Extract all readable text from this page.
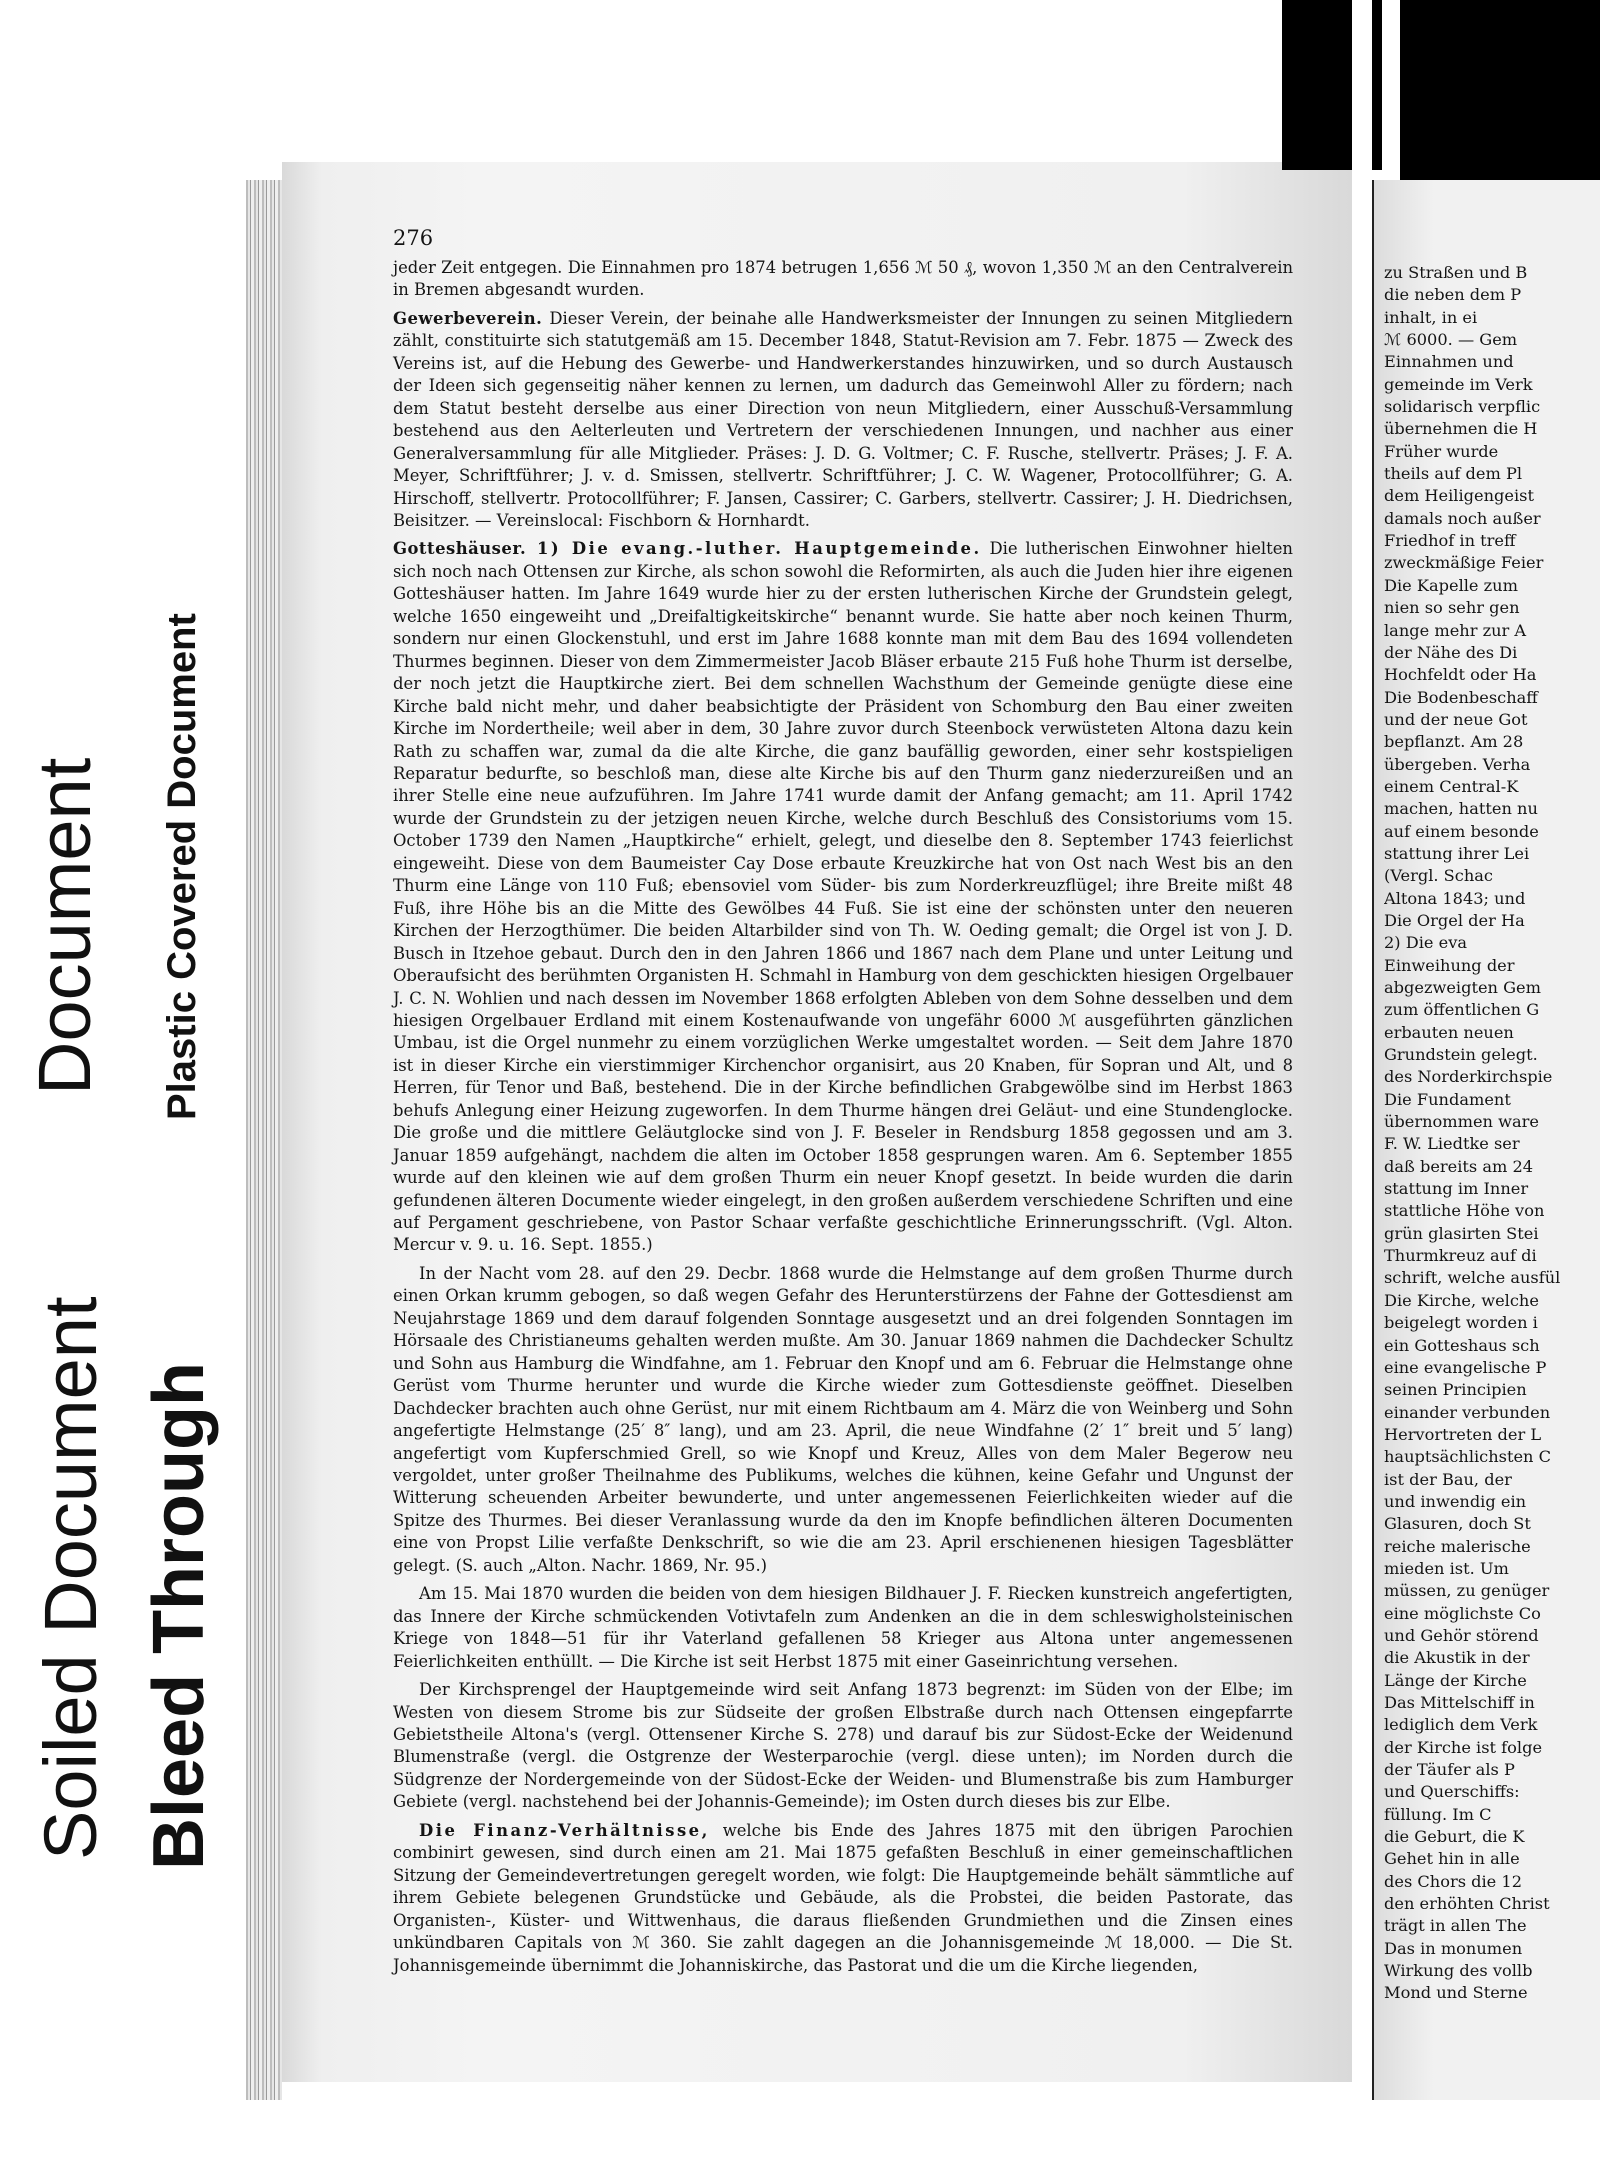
Document
Soiled Document
Plastic Covered Document
Bleed Through
276

jeder Zeit entgegen. Die Einnahmen pro 1874 betrugen 1,656 ℳ 50 ₰, wovon 1,350 ℳ an den Centralverein in Bremen abgesandt wurden.

Gewerbeverein. Dieser Verein, der beinahe alle Handwerksmeister der Innungen zu seinen Mitgliedern zählt, constituirte sich statutgemäß am 15. December 1848, Statut-Revision am 7. Febr. 1875 — Zweck des Vereins ist, auf die Hebung des Gewerbe- und Handwerkerstandes hinzuwirken, und so durch Austausch der Ideen sich gegenseitig näher kennen zu lernen, um dadurch das Gemeinwohl Aller zu fördern; nach dem Statut besteht derselbe aus einer Direction von neun Mitgliedern, einer Ausschuß-Versammlung bestehend aus den Aelterleuten und Vertretern der verschiedenen Innungen, und nachher aus einer Generalversammlung für alle Mitglieder. Präses: J. D. G. Voltmer; C. F. Rusche, stellvertr. Präses; J. F. A. Meyer, Schriftführer; J. v. d. Smissen, stellvertr. Schriftführer; J. C. W. Wagener, Protocollführer; G. A. Hirschoff, stellvertr. Protocollführer; F. Jansen, Cassirer; C. Garbers, stellvertr. Cassirer; J. H. Diedrichsen, Beisitzer. — Vereinslocal: Fischborn & Hornhardt.

Gotteshäuser. 1) Die evang.-luther. Hauptgemeinde. Die lutherischen Einwohner hielten sich noch nach Ottensen zur Kirche, als schon sowohl die Reformirten, als auch die Juden hier ihre eigenen Gotteshäuser hatten. Im Jahre 1649 wurde hier zu der ersten lutherischen Kirche der Grundstein gelegt, welche 1650 eingeweiht und „Dreifaltigkeitskirche“ benannt wurde. Sie hatte aber noch keinen Thurm, sondern nur einen Glockenstuhl, und erst im Jahre 1688 konnte man mit dem Bau des 1694 vollendeten Thurmes beginnen. Dieser von dem Zimmermeister Jacob Bläser erbaute 215 Fuß hohe Thurm ist derselbe, der noch jetzt die Hauptkirche ziert. Bei dem schnellen Wachsthum der Gemeinde genügte diese eine Kirche bald nicht mehr, und daher beabsichtigte der Präsident von Schomburg den Bau einer zweiten Kirche im Nordertheile; weil aber in dem, 30 Jahre zuvor durch Steenbock verwüsteten Altona dazu kein Rath zu schaffen war, zumal da die alte Kirche, die ganz baufällig geworden, einer sehr kostspieligen Reparatur bedurfte, so beschloß man, diese alte Kirche bis auf den Thurm ganz niederzureißen und an ihrer Stelle eine neue aufzuführen. Im Jahre 1741 wurde damit der Anfang gemacht; am 11. April 1742 wurde der Grundstein zu der jetzigen neuen Kirche, welche durch Beschluß des Consistoriums vom 15. October 1739 den Namen „Hauptkirche“ erhielt, gelegt, und dieselbe den 8. September 1743 feierlichst eingeweiht. Diese von dem Baumeister Cay Dose erbaute Kreuzkirche hat von Ost nach West bis an den Thurm eine Länge von 110 Fuß; ebensoviel vom Süder- bis zum Norderkreuzflügel; ihre Breite mißt 48 Fuß, ihre Höhe bis an die Mitte des Gewölbes 44 Fuß. Sie ist eine der schönsten unter den neueren Kirchen der Herzogthümer. Die beiden Altarbilder sind von Th. W. Oeding gemalt; die Orgel ist von J. D. Busch in Itzehoe gebaut. Durch den in den Jahren 1866 und 1867 nach dem Plane und unter Leitung und Oberaufsicht des berühmten Organisten H. Schmahl in Hamburg von dem geschickten hiesigen Orgelbauer J. C. N. Wohlien und nach dessen im November 1868 erfolgten Ableben von dem Sohne desselben und dem hiesigen Orgelbauer Erdland mit einem Kostenaufwande von ungefähr 6000 ℳ ausgeführten gänzlichen Umbau, ist die Orgel nunmehr zu einem vorzüglichen Werke umgestaltet worden. — Seit dem Jahre 1870 ist in dieser Kirche ein vierstimmiger Kirchenchor organisirt, aus 20 Knaben, für Sopran und Alt, und 8 Herren, für Tenor und Baß, bestehend. Die in der Kirche befindlichen Grabgewölbe sind im Herbst 1863 behufs Anlegung einer Heizung zugeworfen. In dem Thurme hängen drei Geläut- und eine Stundenglocke. Die große und die mittlere Geläutglocke sind von J. F. Beseler in Rendsburg 1858 gegossen und am 3. Januar 1859 aufgehängt, nachdem die alten im October 1858 gesprungen waren. Am 6. September 1855 wurde auf den kleinen wie auf dem großen Thurm ein neuer Knopf gesetzt. In beide wurden die darin gefundenen älteren Documente wieder eingelegt, in den großen außerdem verschiedene Schriften und eine auf Pergament geschriebene, von Pastor Schaar verfaßte geschichtliche Erinnerungsschrift. (Vgl. Alton. Mercur v. 9. u. 16. Sept. 1855.)

In der Nacht vom 28. auf den 29. Decbr. 1868 wurde die Helmstange auf dem großen Thurme durch einen Orkan krumm gebogen, so daß wegen Gefahr des Herunterstürzens der Fahne der Gottesdienst am Neujahrstage 1869 und dem darauf folgenden Sonntage ausgesetzt und an drei folgenden Sonntagen im Hörsaale des Christianeums gehalten werden mußte. Am 30. Januar 1869 nahmen die Dachdecker Schultz und Sohn aus Hamburg die Windfahne, am 1. Februar den Knopf und am 6. Februar die Helmstange ohne Gerüst vom Thurme herunter und wurde die Kirche wieder zum Gottesdienste geöffnet. Dieselben Dachdecker brachten auch ohne Gerüst, nur mit einem Richtbaum am 4. März die von Weinberg und Sohn angefertigte Helmstange (25′ 8″ lang), und am 23. April, die neue Windfahne (2′ 1″ breit und 5′ lang) angefertigt vom Kupferschmied Grell, so wie Knopf und Kreuz, Alles von dem Maler Begerow neu vergoldet, unter großer Theilnahme des Publikums, welches die kühnen, keine Gefahr und Ungunst der Witterung scheuenden Arbeiter bewunderte, und unter angemessenen Feierlichkeiten wieder auf die Spitze des Thurmes. Bei dieser Veranlassung wurde da den im Knopfe befindlichen älteren Documenten eine von Propst Lilie verfaßte Denkschrift, so wie die am 23. April erschienenen hiesigen Tagesblätter gelegt. (S. auch „Alton. Nachr. 1869, Nr. 95.)

Am 15. Mai 1870 wurden die beiden von dem hiesigen Bildhauer J. F. Riecken kunstreich angefertigten, das Innere der Kirche schmückenden Votivtafeln zum Andenken an die in dem schleswigholsteinischen Kriege von 1848—51 für ihr Vaterland gefallenen 58 Krieger aus Altona unter angemessenen Feierlichkeiten enthüllt. — Die Kirche ist seit Herbst 1875 mit einer Gaseinrichtung versehen.

Der Kirchsprengel der Hauptgemeinde wird seit Anfang 1873 begrenzt: im Süden von der Elbe; im Westen von diesem Strome bis zur Südseite der großen Elbstraße durch nach Ottensen eingepfarrte Gebietstheile Altona's (vergl. Ottensener Kirche S. 278) und darauf bis zur Südost-Ecke der Weidenund Blumenstraße (vergl. die Ostgrenze der Westerparochie (vergl. diese unten); im Norden durch die Südgrenze der Nordergemeinde von der Südost-Ecke der Weiden- und Blumenstraße bis zum Hamburger Gebiete (vergl. nachstehend bei der Johannis-Gemeinde); im Osten durch dieses bis zur Elbe.

Die Finanz-Verhältnisse, welche bis Ende des Jahres 1875 mit den übrigen Parochien combinirt gewesen, sind durch einen am 21. Mai 1875 gefaßten Beschluß in einer gemeinschaftlichen Sitzung der Gemeindevertretungen geregelt worden, wie folgt: Die Hauptgemeinde behält sämmtliche auf ihrem Gebiete belegenen Grundstücke und Gebäude, als die Probstei, die beiden Pastorate, das Organisten-, Küster- und Wittwenhaus, die daraus fließenden Grundmiethen und die Zinsen eines unkündbaren Capitals von ℳ 360. Sie zahlt dagegen an die Johannisgemeinde ℳ 18,000. — Die St. Johannisgemeinde übernimmt die Johanniskirche, das Pastorat und die um die Kirche liegenden,

zu Straßen und B
die neben dem P
inhalt, in ei
ℳ 6000. — Gem
Einnahmen und
gemeinde im Verk
solidarisch verpflic
übernehmen die H
Früher wurde
theils auf dem Pl
dem Heiligengeist
damals noch außer
Friedhof in treff
zweckmäßige Feier
Die Kapelle zum
nien so sehr gen
lange mehr zur A
der Nähe des Di
Hochfeldt oder Ha
Die Bodenbeschaff
und der neue Got
bepflanzt. Am 28
übergeben. Verha
einem Central-K
machen, hatten nu
auf einem besonde
stattung ihrer Lei
(Vergl. Schac
Altona 1843; und
Die Orgel der Ha
2) Die eva
Einweihung der
abgezweigten Gem
zum öffentlichen G
erbauten neuen
Grundstein gelegt.
des Norderkirchspie
Die Fundament
übernommen ware
F. W. Liedtke ser
daß bereits am 24
stattung im Inner
stattliche Höhe von
grün glasirten Stei
Thurmkreuz auf di
schrift, welche ausfül
Die Kirche, welche
beigelegt worden i
ein Gotteshaus sch
eine evangelische P
seinen Principien
einander verbunden
Hervortreten der L
hauptsächlichsten C
ist der Bau, der
und inwendig ein
Glasuren, doch St
reiche malerische
mieden ist. Um
müssen, zu genüger
eine möglichste Co
und Gehör störend
die Akustik in der
Länge der Kirche
Das Mittelschiff in
lediglich dem Verk
der Kirche ist folge
der Täufer als P
und Querschiffs:
füllung. Im C
die Geburt, die K
Gehet hin in alle
des Chors die 12
den erhöhten Christ
trägt in allen The
Das in monumen
Wirkung des vollb
Mond und Sterne
